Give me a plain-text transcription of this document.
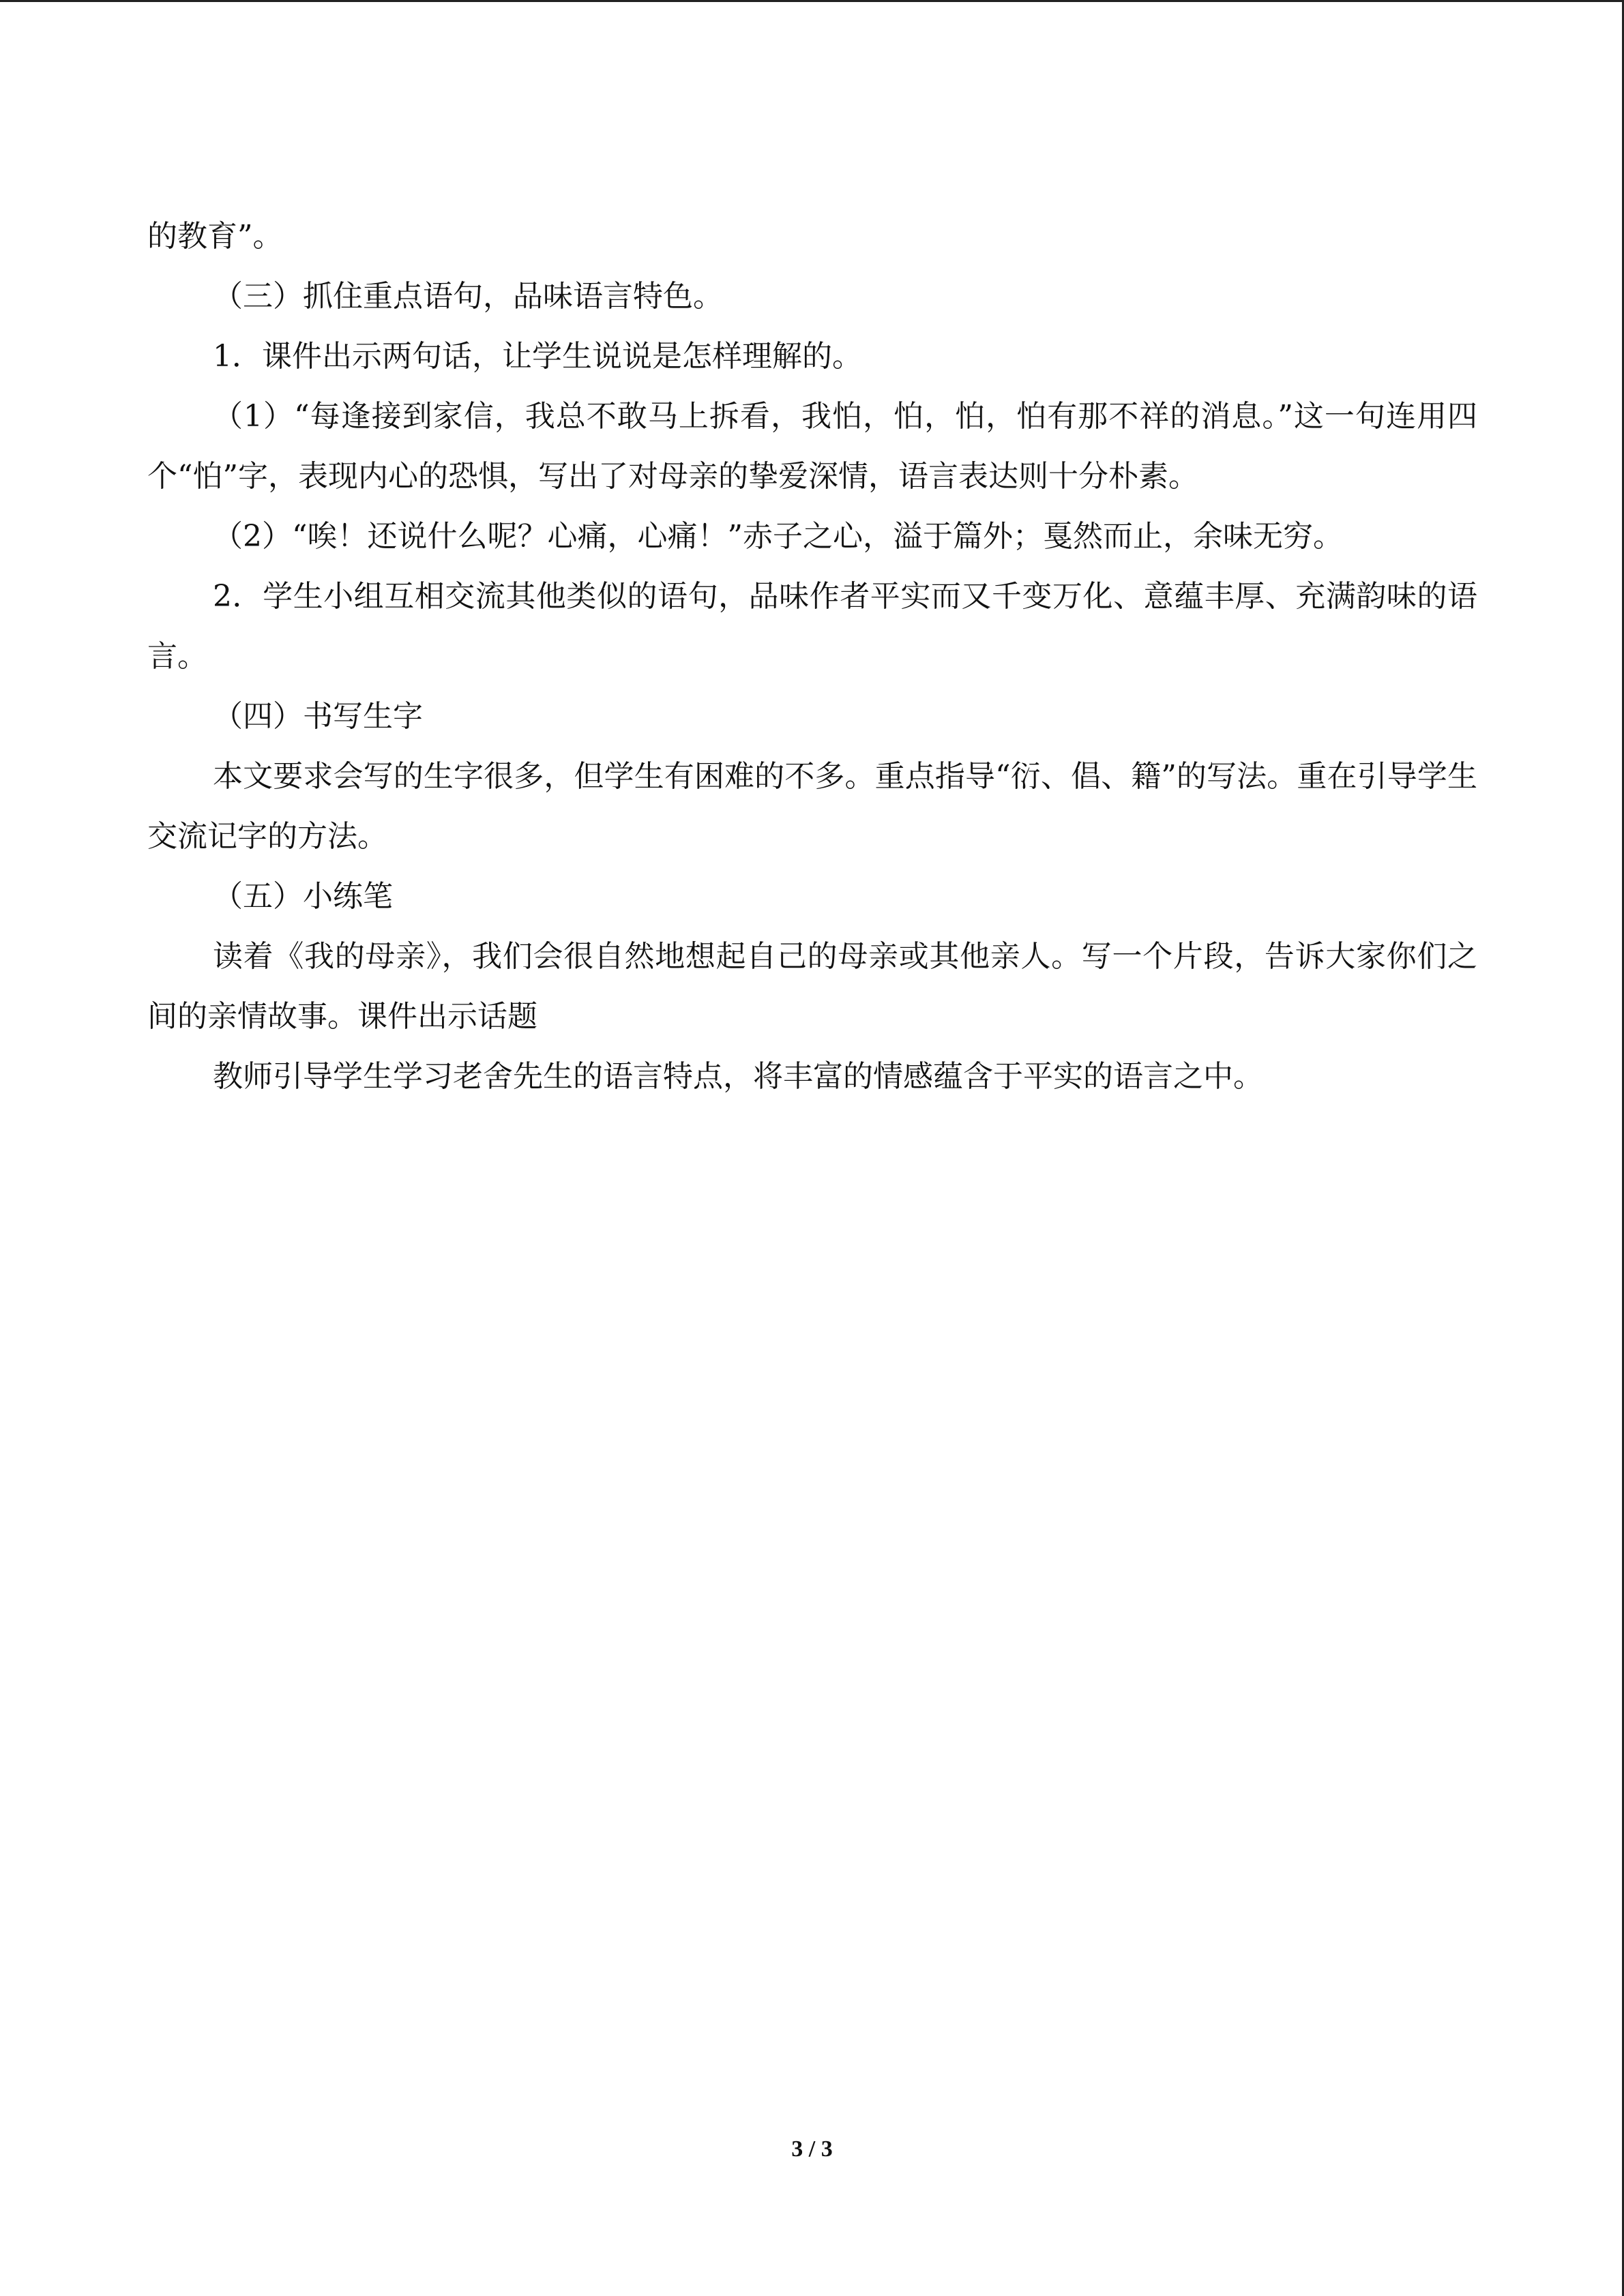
的教育”。

（三）抓住重点语句，品味语言特色。

1．课件出示两句话，让学生说说是怎样理解的。

（1）“每逢接到家信，我总不敢马上拆看，我怕，怕，怕，怕有那不祥的消息。”这一句连用四个“怕”字，表现内心的恐惧，写出了对母亲的挚爱深情，语言表达则十分朴素。

（2）“唉！还说什么呢？心痛，心痛！”赤子之心，溢于篇外；戛然而止，余味无穷。

2．学生小组互相交流其他类似的语句，品味作者平实而又千变万化、意蕴丰厚、充满韵味的语言。

（四）书写生字

本文要求会写的生字很多，但学生有困难的不多。重点指导“衍、倡、籍”的写法。重在引导学生交流记字的方法。

（五）小练笔

读着《我的母亲》，我们会很自然地想起自己的母亲或其他亲人。写一个片段，告诉大家你们之间的亲情故事。课件出示话题

教师引导学生学习老舍先生的语言特点，将丰富的情感蕴含于平实的语言之中。

3 / 3
